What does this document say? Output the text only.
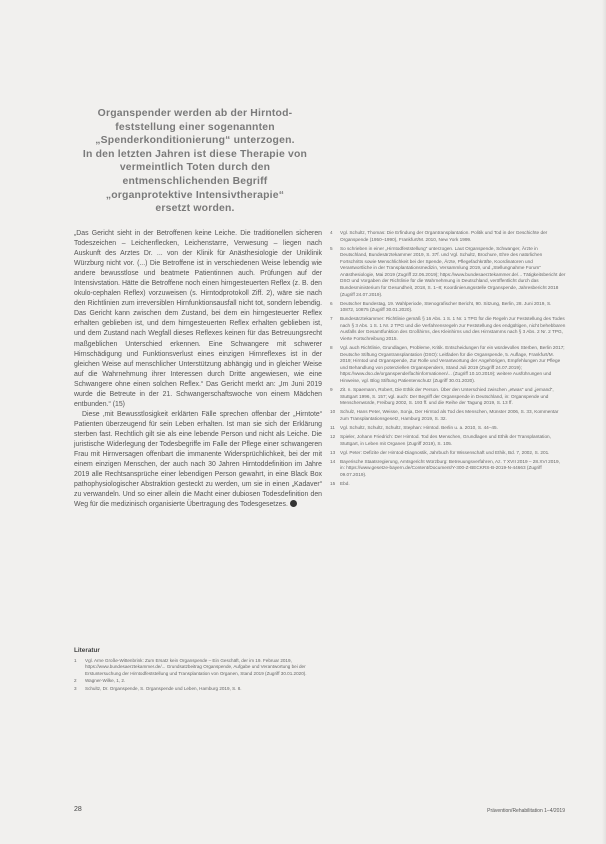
Organspender werden ab der Hirntod-
feststellung einer sogenannten
„Spenderkonditionierung“ unterzogen.
In den letzten Jahren ist diese Therapie von
vermeintlich Toten durch den
entmenschlichenden Begriff
„organprotektive Intensivtherapie“
ersetzt worden.

„Das Gericht sieht in der Betroffenen keine Leiche. Die traditionellen sicheren Todeszeichen – Leichenflecken, Leichenstarre, Verwesung – liegen nach Auskunft des Arztes Dr. ... von der Klinik für Anästhesiologie der Uniklinik Würzburg nicht vor. (...) Die Betroffene ist in verschiedenen Weise lebendig wie andere bewusstlose und beatmete Patientinnen auch. Prüfungen auf der Intensivstation. Hätte die Betroffene noch einen hirngesteuerten Reflex (z. B. den okulo-cephalen Reflex) vorzuweisen (s. Hirntodprotokoll Ziff. 2), wäre sie nach den Richtlinien zum irreversiblen Hirnfunktionsausfall nicht tot, sondern lebendig. Das Gericht kann zwischen dem Zustand, bei dem ein hirngesteuerter Reflex erhalten geblieben ist, und dem hirngesteuerten Reflex erhalten geblieben ist, und dem Zustand nach Wegfall dieses Reflexes keinen für das Betreuungsrecht maßgeblichen Unterschied erkennen. Eine Schwangere mit schwerer Hirnschädigung und Funktionsverlust eines einzigen Hirnreflexes ist in der gleichen Weise auf menschlicher Unterstützung abhängig und in gleicher Weise auf die Wahrnehmung ihrer Interessen durch Dritte angewiesen, wie eine Schwangere ohne einen solchen Reflex.“ Das Gericht merkt an: „Im Juni 2019 wurde die Betreute in der 21. Schwangerschaftswoche von einem Mädchen entbunden.“ (15)

Diese ‚mit Bewusstlosigkeit erklärten Fälle sprechen offenbar der „Hirntote“ Patienten überzeugend für sein Leben erhalten. Ist man sie sich der Erklärung sterben fast. Rechtlich gilt sie als eine lebende Person und nicht als Leiche. Die juristische Widerlegung der Todesbegriffe im Falle der Pflege einer schwangeren Frau mit Hirnversagen offenbart die immanente Widersprüchlichkeit, bei der mit einem einzigen Menschen, der auch nach 30 Jahren Hirntoddefinition im Jahre 2019 alle Rechtsansprüche einer lebendigen Person gewahrt, in eine Black Box pathophysiologischer Abstraktion gesteckt zu werden, um sie in einen „Kadaver“ zu verwandeln. Und so einer allein die Macht einer dubiosen Todesdefinition den Weg für die medizinisch organisierte Übertragung des Todesgesetzes.

Literatur
1	Vgl. Arne Große-Wittenbrink: Zum Ersatz kein Organspende – Ein Geschäft, der im 19. Februar 2019, https://www.bundesaerztekammer.de/... Grundsatzbeitrag Organspende, Aufgabe und Verantwortung bei der Erstuntersuchung der Hirntodfeststellung und Transplantation von Organen, Stand 2019 (Zugriff 30.01.2020).
2	Wagner-Wilke, 1, 2.
3	Schultz, Dr. Organspende, S. Organspende und Leben, Hamburg 2019, S. 8.
4	Vgl. Schultz, Thomas: Die Erfindung der Organtransplantation. Politik und Tod in der Geschichte der Organspende (1950–1990), Frankfurt/M. 2010, New York 1999.
5	So schrieben in einer „Hirntodfeststellung“ unterzogen. Laut Organspende, Schwanger, Ärzte in Deutschland, Bundesärztekammer 2019, S. 37f. und Vgl. Schultz, Brochure, Ehre des natürlichen Fortschritts sowie Menschlichkeit bei der Spende, Ärzte, Pflegefachkräfte, Koordinatoren und Verantwortliche in der Transplantationsmedizin, Versammlung 2019, und „Stellungnahme Forum“ Anästhesiologie, Mai 2019 (Zugriff 22.06.2019); https://www.bundesaerztekammer.de/... Tätigkeitsbericht der DSO und Vorgaben der Richtlinie für die Wahrnehmung in Deutschland, veröffentlicht durch das Bundesministerium für Gesundheit, 2018, S. 1–8; Koordinierungsstelle Organspende, Jahresbericht 2018 (Zugriff 24.07.2019).
6	Deutscher Bundestag, 19. Wahlperiode, Stenografischer Bericht, 90. Sitzung, Berlin, 28. Juni 2019, S. 10872, 10875 (Zugriff 30.01.2020).
7	Bundesärztekammer: Richtlinie gemäß § 16 Abs. 1 S. 1 Nr. 1 TPG für die Regeln zur Feststellung des Todes nach § 3 Abs. 1 S. 1 Nr. 2 TPG und die Verfahrensregeln zur Feststellung des endgültigen, nicht behebbaren Ausfalls der Gesamtfunktion des Großhirns, des Kleinhirns und des Hirnstamms nach § 3 Abs. 2 Nr. 2 TPG, Vierte Fortschreibung 2015.
8	Vgl. auch Richtlinie, Grundlagen, Probleme, Kritik. Entscheidungen für ein würdevolles Sterben, Berlin 2017; Deutsche Stiftung Organtransplantation (DSO): Leitfaden für die Organspende, 5. Auflage, Frankfurt/M. 2019; Hirntod und Organspende, Zur Rolle und Verantwortung der Angehörigen, Empfehlungen zur Pflege und Behandlung von potenziellen Organspendern, Stand Juli 2019 (Zugriff 24.07.2019); https://www.dso.de/organspende/fachinformationen/... (Zugriff 10.10.2019); weitere Ausführungen und Hinweise, vgl. Blog Stiftung Patientenschutz (Zugriff 30.01.2020).
9	Zit. n. Spaemann, Robert, Die Ethik der Person. Über den Unterschied zwischen „etwas“ und „jemand“, Stuttgart 1996, S. 157; vgl. auch: Der Begriff der Organspende in Deutschland, in: Organspende und Menschenwürde, Freiburg 2002, S. 193 ff. und die Reihe der Tagung 2019, S. 13 ff.
10	Schulz, Hans Peter, Weisse, Sonja, Der Hirntod als Tod des Menschen, Münster 2006, S. 33, Kommentar zum Transplantationsgesetz, Hamburg 2019, S. 32.
11	Vgl. Schultz, Schultz, Schultz, Stephan: Hirntod. Berlin u. a. 2010, S. 44–45.
12	Spieler, Johann Friedrich: Der Hirntod. Tod des Menschen, Grundlagen und Ethik der Transplantation, Stuttgart, in Leben mit Organen (Zugriff 2019), S. 105.
13	Vgl. Peter: Defizite der Hirntod-Diagnostik, Jahrbuch für Wissenschaft und Ethik, Bd. 7, 2002, S. 201.
14	Bayerische Staatsregierung, Amtsgericht Würzburg: Betreuungsverfahren, Az. 7 XVII 2019 – 28.XVI 2019, in: https://www.gesetze-bayern.de/Content/Document/Y-300-Z-BECKRS-B-2019-N-44663 (Zugriff 09.07.2019).
15	Ebd.
28	Prävention/Rehabilitation 1–4/2019
